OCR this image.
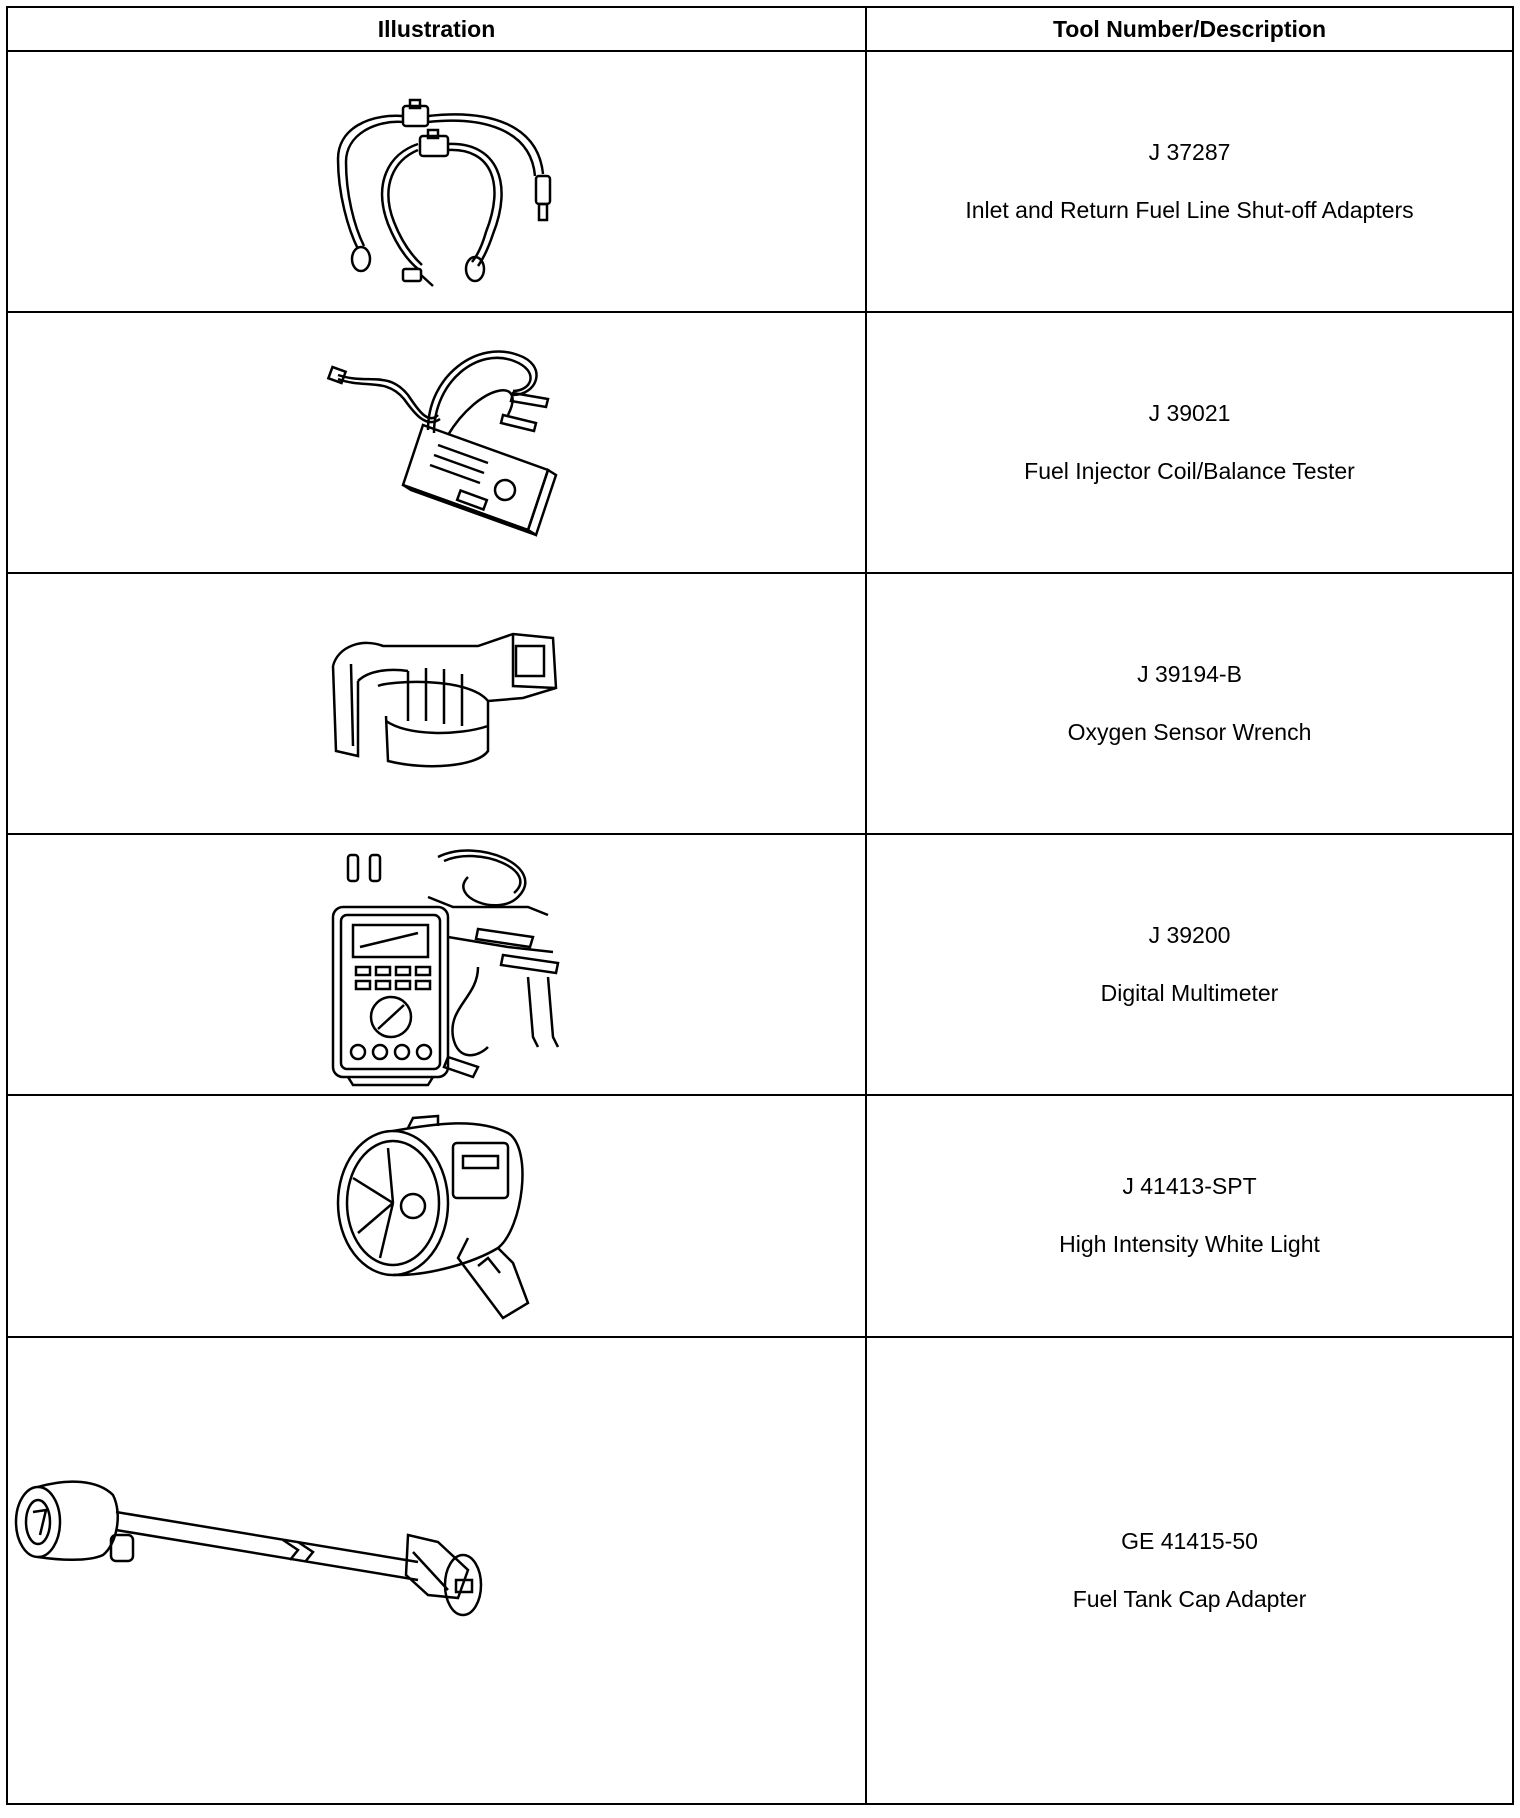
Illustration	Tool Number/Description

J 37287
Inlet and Return Fuel Line Shut-off Adapters

J 39021
Fuel Injector Coil/Balance Tester

J 39194-B
Oxygen Sensor Wrench

J 39200
Digital Multimeter

J 41413-SPT
High Intensity White Light

GE 41415-50
Fuel Tank Cap Adapter
